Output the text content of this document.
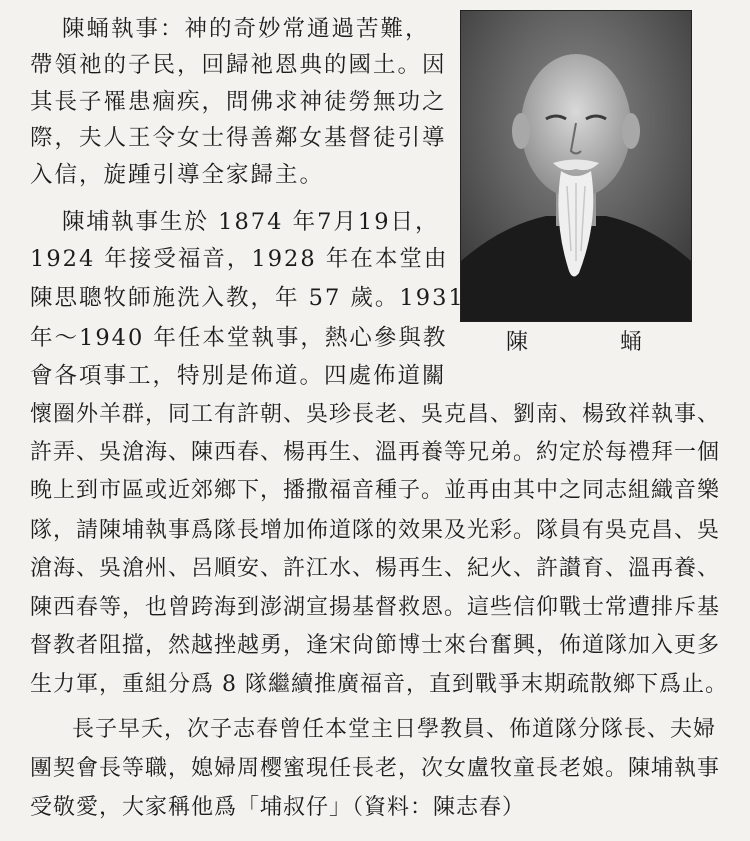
陳	蛹
陳蛹執事：神的奇妙常通過苦難，
帶領祂的子民，回歸祂恩典的國土。因
其長子罹患痼疾，問佛求神徒勞無功之
際，夫人王令女士得善鄰女基督徒引導
入信，旋踵引導全家歸主。
陳埔執事生於 1874 年7月19日，
1924 年接受福音，1928 年在本堂由
陳思聰牧師施洗入教，年 57 歲。1931
年～1940 年任本堂執事，熱心參與教
會各項事工，特別是佈道。四處佈道關
懷圈外羊群，同工有許朝、吳珍長老、吳克昌、劉南、楊致祥執事、
許弄、吳滄海、陳西春、楊再生、溫再養等兄弟。約定於每禮拜一個
晚上到市區或近郊鄉下，播撒福音種子。並再由其中之同志組織音樂
隊，請陳埔執事爲隊長增加佈道隊的效果及光彩。隊員有吳克昌、吳
滄海、吳滄州、呂順安、許江水、楊再生、紀火、許讃育、溫再養、
陳西春等，也曾跨海到澎湖宣揚基督救恩。這些信仰戰士常遭排斥基
督教者阻擋，然越挫越勇，逢宋尙節博士來台奮興，佈道隊加入更多
生力軍，重組分爲 8 隊繼續推廣福音，直到戰爭末期疏散鄉下爲止。
長子早夭，次子志春曾任本堂主日學教員、佈道隊分隊長、夫婦
團契會長等職，媳婦周樱蜜現任長老，次女盧牧童長老娘。陳埔執事
受敬愛，大家稱他爲「埔叔仔」（資料：陳志春）
